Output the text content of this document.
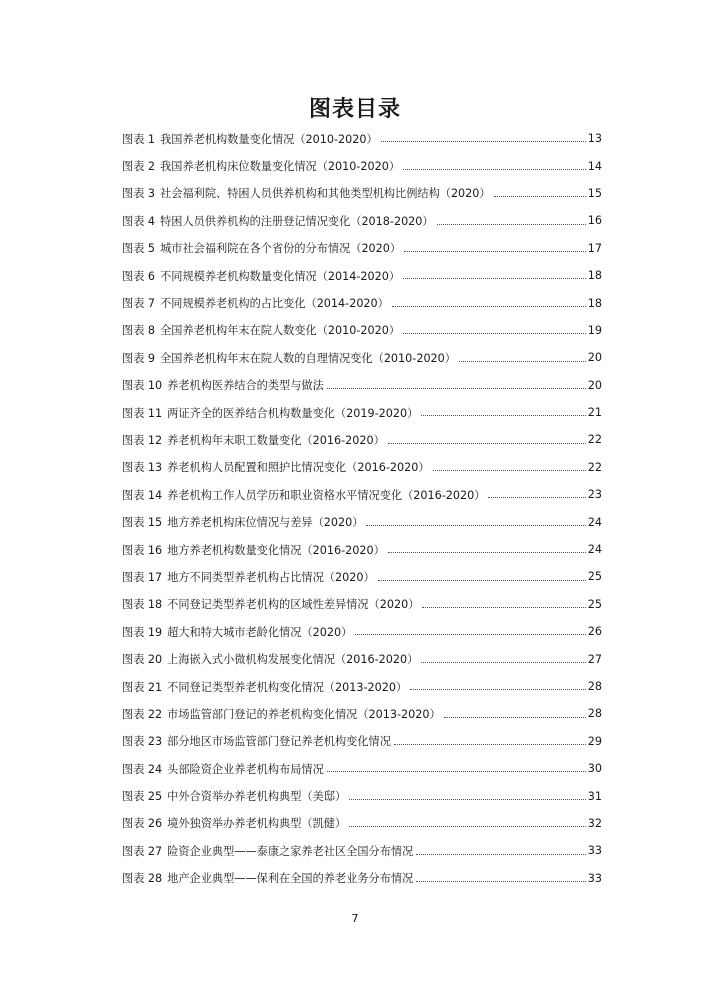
图表目录
图表 1 我国养老机构数量变化情况（2010-2020）	13
图表 2 我国养老机构床位数量变化情况（2010-2020）	14
图表 3 社会福利院、特困人员供养机构和其他类型机构比例结构（2020）	15
图表 4 特困人员供养机构的注册登记情况变化（2018-2020）	16
图表 5 城市社会福利院在各个省份的分布情况（2020）	17
图表 6 不同规模养老机构数量变化情况（2014-2020）	18
图表 7 不同规模养老机构的占比变化（2014-2020）	18
图表 8 全国养老机构年末在院人数变化（2010-2020）	19
图表 9 全国养老机构年末在院人数的自理情况变化（2010-2020）	20
图表 10 养老机构医养结合的类型与做法	20
图表 11 两证齐全的医养结合机构数量变化（2019-2020）	21
图表 12 养老机构年末职工数量变化（2016-2020）	22
图表 13 养老机构人员配置和照护比情况变化（2016-2020）	22
图表 14 养老机构工作人员学历和职业资格水平情况变化（2016-2020）	23
图表 15 地方养老机构床位情况与差异（2020）	24
图表 16 地方养老机构数量变化情况（2016-2020）	24
图表 17 地方不同类型养老机构占比情况（2020）	25
图表 18 不同登记类型养老机构的区域性差异情况（2020）	25
图表 19 超大和特大城市老龄化情况（2020）	26
图表 20 上海嵌入式小微机构发展变化情况（2016-2020）	27
图表 21 不同登记类型养老机构变化情况（2013-2020）	28
图表 22 市场监管部门登记的养老机构变化情况（2013-2020）	28
图表 23 部分地区市场监管部门登记养老机构变化情况	29
图表 24 头部险资企业养老机构布局情况	30
图表 25 中外合资举办养老机构典型（美邸）	31
图表 26 境外独资举办养老机构典型（凯健）	32
图表 27 险资企业典型——泰康之家养老社区全国分布情况	33
图表 28 地产企业典型——保利在全国的养老业务分布情况	33
7
